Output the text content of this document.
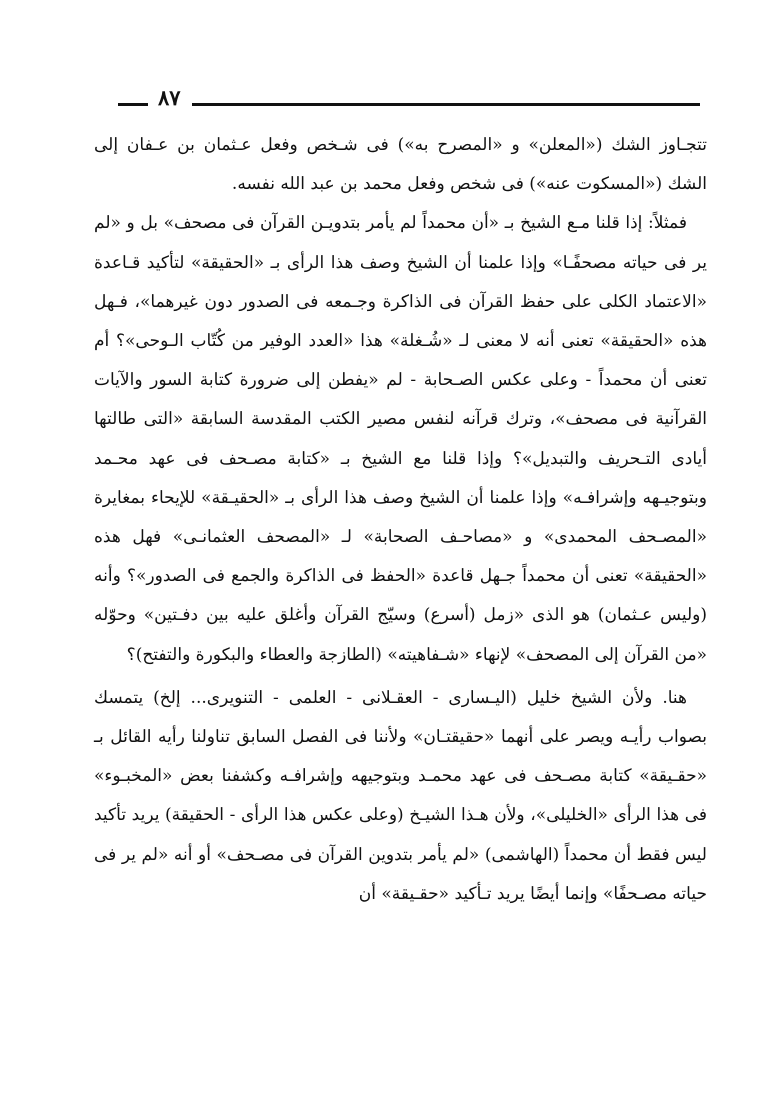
٨٧

تتجـاوز الشك («المعلن» و «المصرح به») فى شـخص وفعل عـثمان بن عـفان إلى الشك («المسكوت عنه») فى شخص وفعل محمد بن عبد الله نفسه.

فمثلاً: إذا قلنا مـع الشيخ بـ «أن محمداً لم يأمر بتدويـن القرآن فى مصحف» بل و «لم ير فى حياته مصحفًـا» وإذا علمنا أن الشيخ وصف هذا الرأى بـ «الحقيقة» لتأكيد قـاعدة «الاعتماد الكلى على حفظ القرآن فى الذاكرة وجـمعه فى الصدور دون غيرهما»، فـهل هذه «الحقيقة» تعنى أنه لا معنى لـ «شُـغلة» هذا «العدد الوفير من كُتّاب الـوحى»؟ أم تعنى أن محمداً - وعلى عكس الصـحابة - لم «يفطن إلى ضرورة كتابة السور والآيات القرآنية فى مصحف»، وترك قرآنه لنفس مصير الكتب المقدسة السابقة «التى طالتها أيادى التـحريف والتبديل»؟ وإذا قلنا مع الشيخ بـ «كتابة مصـحف فى عهد محـمد وبتوجيـهه وإشرافـه» وإذا علمنا أن الشيخ وصف هذا الرأى بـ «الحقيـقة» للإيحاء بمغايرة «المصـحف المحمدى» و «مصاحـف الصحابة» لـ «المصحف العثمانـى» فهل هذه «الحقيقة» تعنى أن محمداً جـهل قاعدة «الحفظ فى الذاكرة والجمع فى الصدور»؟ وأنه (وليس عـثمان) هو الذى «زمل (أسرع) وسيّج القرآن وأغلق عليه بين دفـتين» وحوّله «من القرآن إلى المصحف» لإنهاء «شـفاهيته» (الطازجة والعطاء والبكورة والتفتح)؟

هنا. ولأن الشيخ خليل (اليـسارى - العقـلانى - العلمى - التنويرى... إلخ) يتمسك بصواب رأيـه ويصر على أنهما «حقيقتـان» ولأننا فى الفصل السابق تناولنا رأيه القائل بـ «حقـيقة» كتابة مصـحف فى عهد محمـد وبتوجيهه وإشرافـه وكشفنا بعض «المخبـوء» فى هذا الرأى «الخليلى»، ولأن هـذا الشيـخ (وعلى عكس هذا الرأى - الحقيقة) يريد تأكيد ليس فقط أن محمداً (الهاشمى) «لم يأمر بتدوين القرآن فى مصـحف» أو أنه «لم ير فى حياته مصـحفًا» وإنما أيضًا يريد تـأكيد «حقـيقة» أن
